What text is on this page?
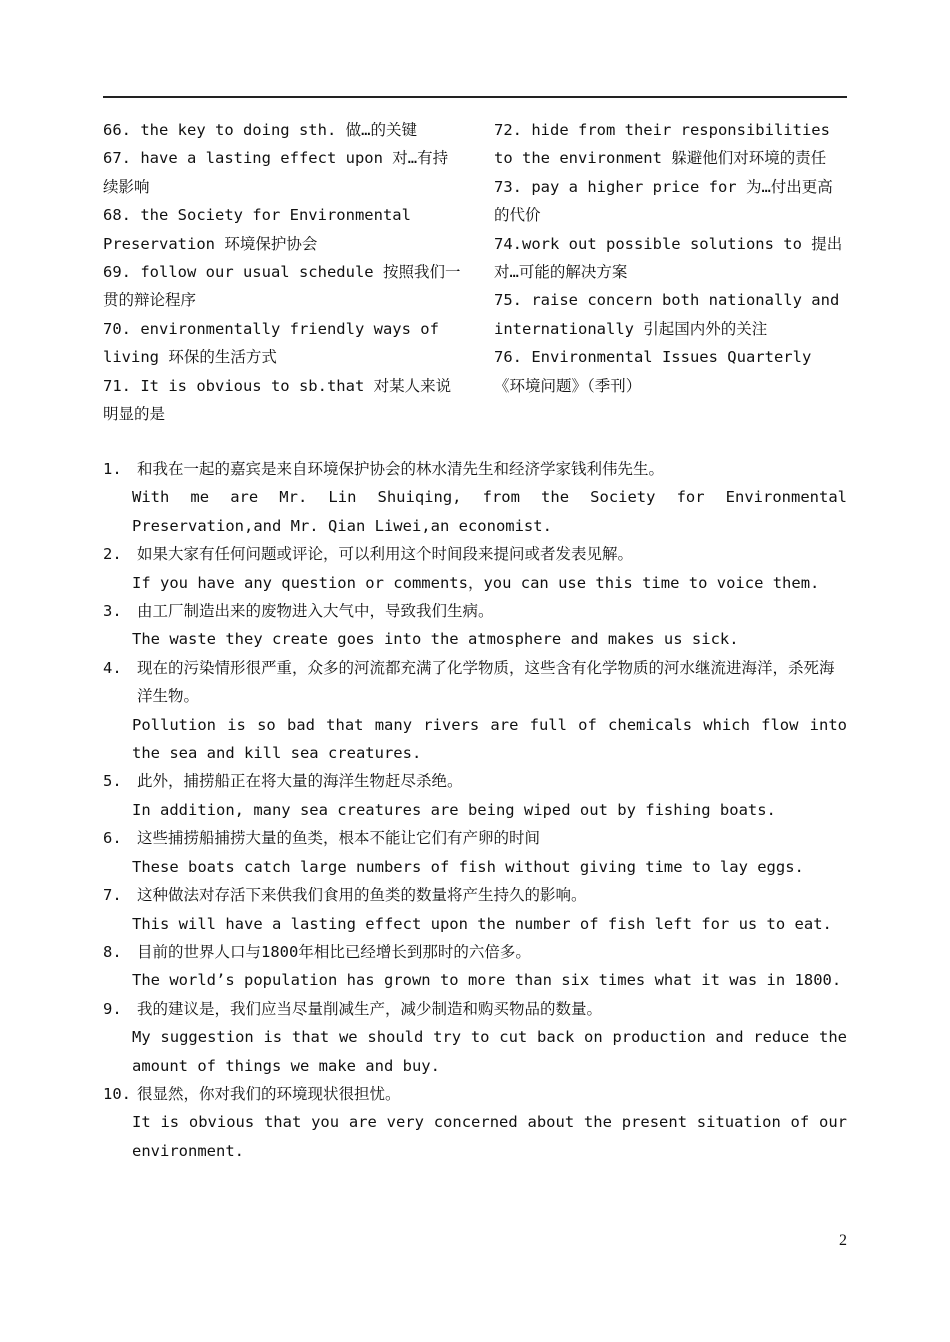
66. the key to doing sth. 做…的关键

67. have a lasting effect upon 对…有持续影响

68. the Society for Environmental Preservation 环境保护协会

69. follow our usual schedule 按照我们一贯的辩论程序

70. environmentally friendly ways of living 环保的生活方式

71. It is obvious to sb.that 对某人来说明显的是

72. hide from their responsibilities to the environment 躲避他们对环境的责任

73. pay a higher price for 为…付出更高的代价

74.work out possible solutions to 提出对…可能的解决方案

75. raise concern both nationally and internationally 引起国内外的关注

76. Environmental Issues Quarterly 《环境问题》（季刊）

1. 和我在一起的嘉宾是来自环境保护协会的林水清先生和经济学家钱利伟先生。
With me are Mr. Lin Shuiqing, from the Society for Environmental Preservation,and Mr. Qian Liwei,an economist.
2. 如果大家有任何问题或评论，可以利用这个时间段来提问或者发表见解。
If you have any question or comments，you can use this time to voice them.
3. 由工厂制造出来的废物进入大气中，导致我们生病。
The waste they create goes into the atmosphere and makes us sick.
4. 现在的污染情形很严重，众多的河流都充满了化学物质，这些含有化学物质的河水继流进海洋，杀死海洋生物。
Pollution is so bad that many rivers are full of chemicals which flow into the sea and kill sea creatures.
5. 此外，捕捞船正在将大量的海洋生物赶尽杀绝。
In addition, many sea creatures are being wiped out by fishing boats.
6. 这些捕捞船捕捞大量的鱼类，根本不能让它们有产卵的时间
These boats catch large numbers of fish without giving time to lay eggs.
7. 这种做法对存活下来供我们食用的鱼类的数量将产生持久的影响。
This will have a lasting effect upon the number of fish left for us to eat.
8. 目前的世界人口与1800年相比已经增长到那时的六倍多。
The world’s population has grown to more than six times what it was in 1800.
9. 我的建议是，我们应当尽量削减生产，减少制造和购买物品的数量。
My suggestion is that we should try to cut back on production and reduce the amount of things we make and buy.
10. 很显然，你对我们的环境现状很担忧。
It is obvious that you are very concerned about the present situation of our environment.
2
